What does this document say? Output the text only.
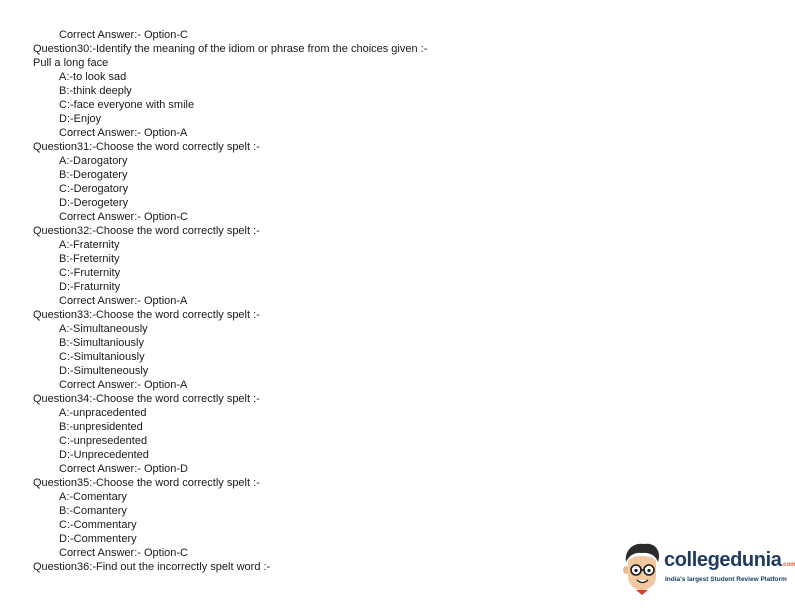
Correct Answer:- Option-C
Question30:-Identify the meaning of the idiom or phrase from the choices given :-
Pull a long face
A:-to look sad
B:-think deeply
C:-face everyone with smile
D:-Enjoy
Correct Answer:- Option-A
Question31:-Choose the word correctly spelt :-
A:-Darogatory
B:-Derogatery
C:-Derogatory
D:-Derogetery
Correct Answer:- Option-C
Question32:-Choose the word correctly spelt :-
A:-Fraternity
B:-Freternity
C:-Fruternity
D:-Fraturnity
Correct Answer:- Option-A
Question33:-Choose the word correctly spelt :-
A:-Simultaneously
B:-Simultaniously
C:-Simultaniously
D:-Simulteneously
Correct Answer:- Option-A
Question34:-Choose the word correctly spelt :-
A:-unpracedented
B:-unpresidented
C:-unpresedented
D:-Unprecedented
Correct Answer:- Option-D
Question35:-Choose the word correctly spelt :-
A:-Comentary
B:-Comantery
C:-Commentary
D:-Commentery
Correct Answer:- Option-C
Question36:-Find out the incorrectly spelt word :-	collegedunia.com
India's largest Student Review Platform
